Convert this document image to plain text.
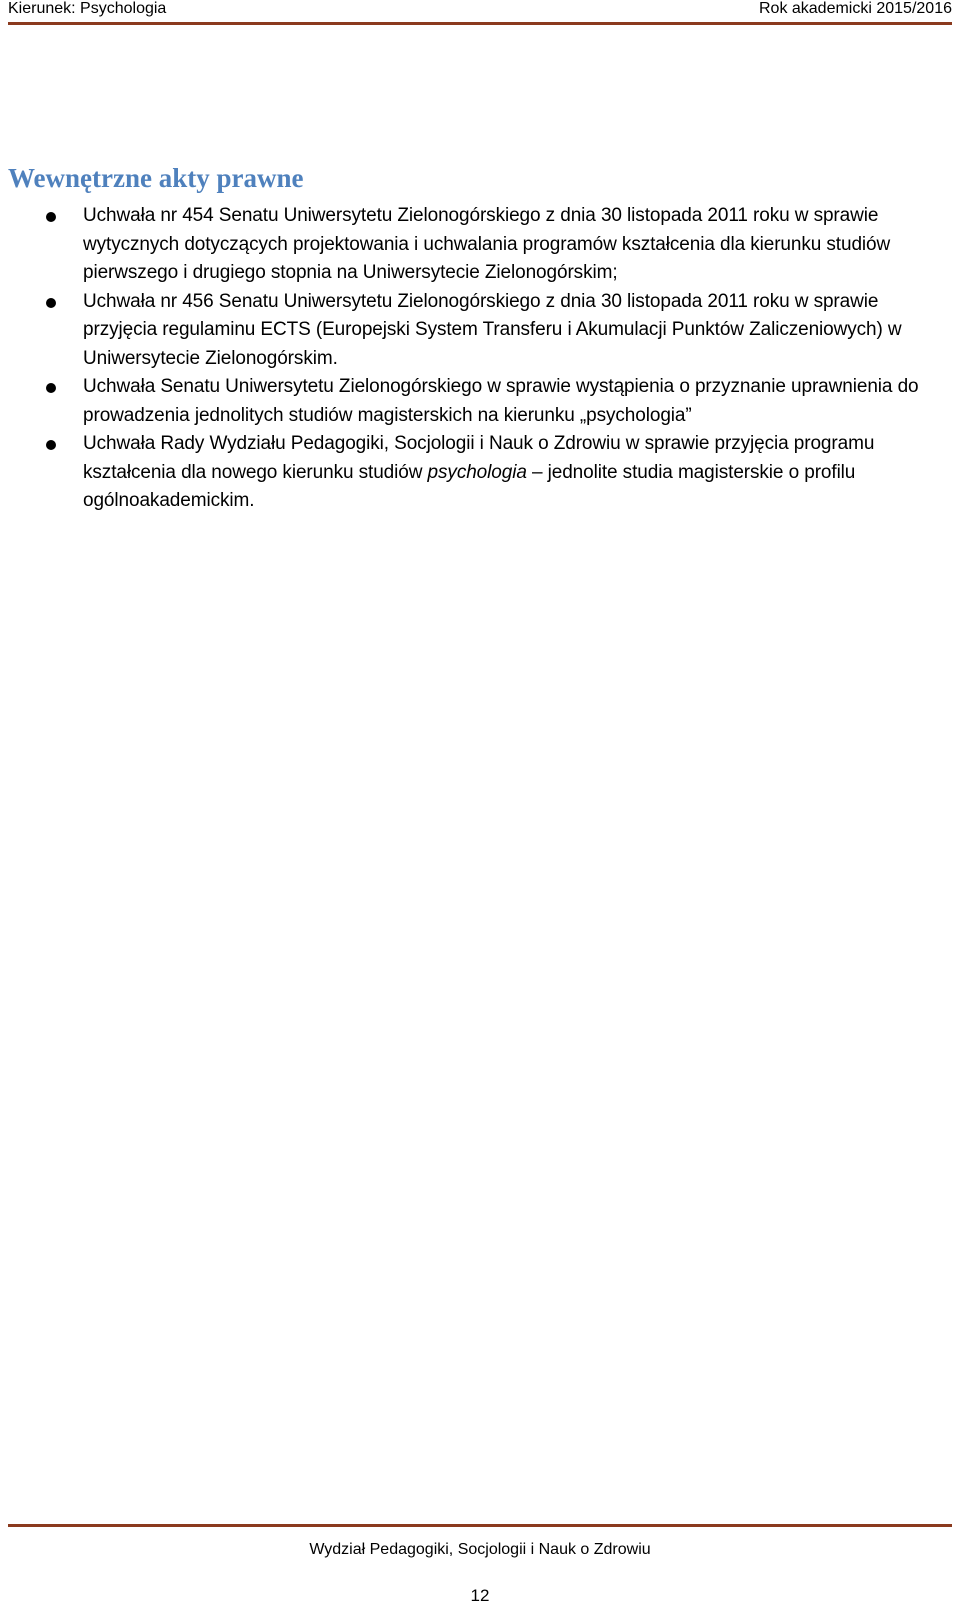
Kierunek: Psychologia	Rok akademicki 2015/2016
Wewnętrzne akty prawne
Uchwała nr 454 Senatu Uniwersytetu Zielonogórskiego z dnia 30 listopada 2011 roku w sprawie wytycznych dotyczących projektowania i uchwalania programów kształcenia dla kierunku studiów pierwszego i drugiego stopnia na Uniwersytecie Zielonogórskim;
Uchwała nr 456 Senatu Uniwersytetu Zielonogórskiego z dnia 30 listopada 2011 roku w sprawie przyjęcia regulaminu ECTS (Europejski System Transferu i Akumulacji Punktów Zaliczeniowych) w Uniwersytecie Zielonogórskim.
Uchwała Senatu Uniwersytetu Zielonogórskiego w sprawie wystąpienia o przyznanie uprawnienia do prowadzenia jednolitych studiów magisterskich na kierunku „psychologia”
Uchwała Rady Wydziału Pedagogiki, Socjologii i Nauk o Zdrowiu w sprawie przyjęcia programu kształcenia dla nowego kierunku studiów psychologia – jednolite studia magisterskie o profilu ogólnoakademickim.
Wydział Pedagogiki, Socjologii i Nauk o Zdrowiu
12
